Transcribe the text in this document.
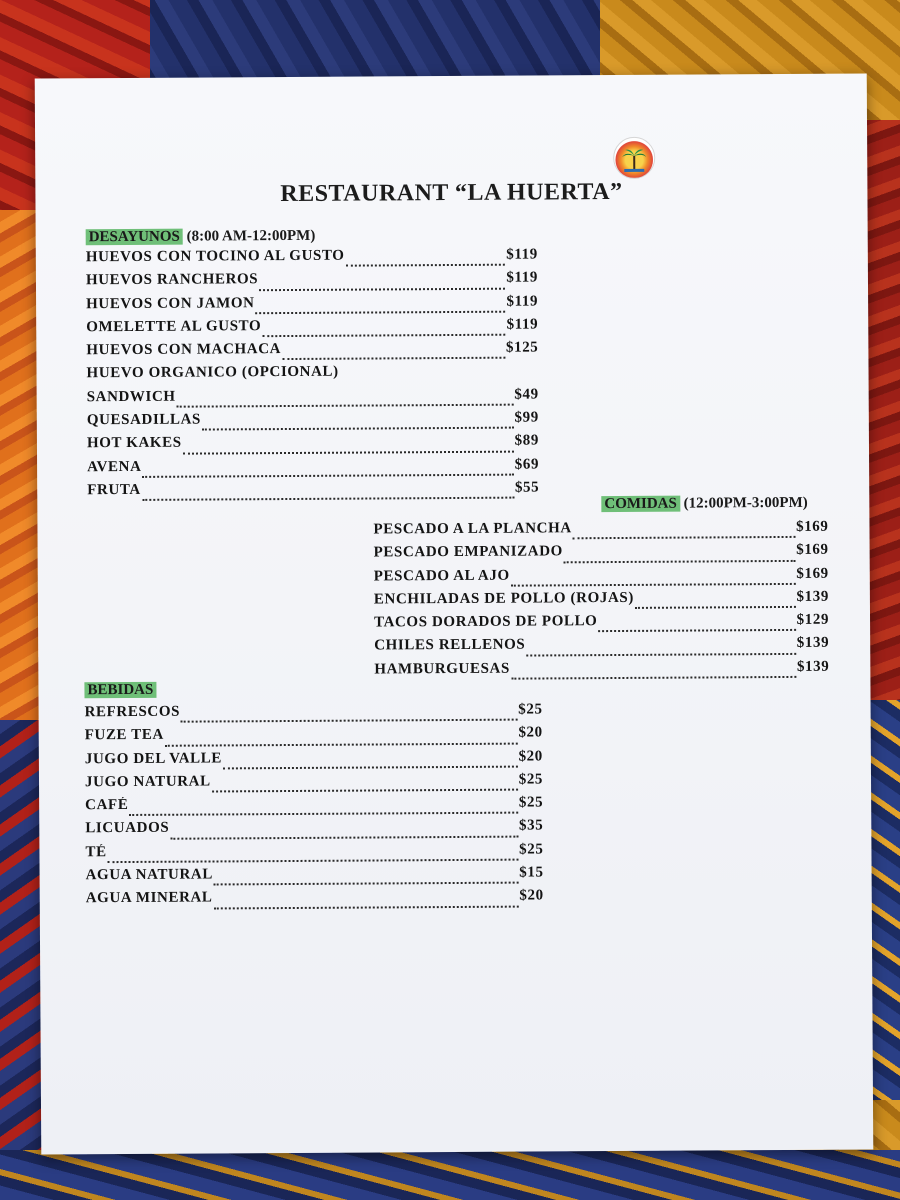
RESTAURANT “LA HUERTA”
DESAYUNOS (8:00 AM-12:00PM)
HUEVOS CON TOCINO AL GUSTO	$119
HUEVOS RANCHEROS	$119
HUEVOS CON JAMON	$119
OMELETTE AL GUSTO	$119
HUEVOS CON MACHACA	$125
HUEVO ORGANICO (OPCIONAL)
SANDWICH	$49
QUESADILLAS	$99
HOT KAKES	$89
AVENA	$69
FRUTA	$55
COMIDAS (12:00PM-3:00PM)
PESCADO A LA PLANCHA	$169
PESCADO EMPANIZADO	$169
PESCADO AL AJO	$169
ENCHILADAS DE POLLO (ROJAS)	$139
TACOS DORADOS DE POLLO	$129
CHILES RELLENOS	$139
HAMBURGUESAS	$139
BEBIDAS
REFRESCOS	$25
FUZE TEA	$20
JUGO DEL VALLE	$20
JUGO NATURAL	$25
CAFÉ	$25
LICUADOS	$35
TÉ	$25
AGUA NATURAL	$15
AGUA MINERAL	$20
